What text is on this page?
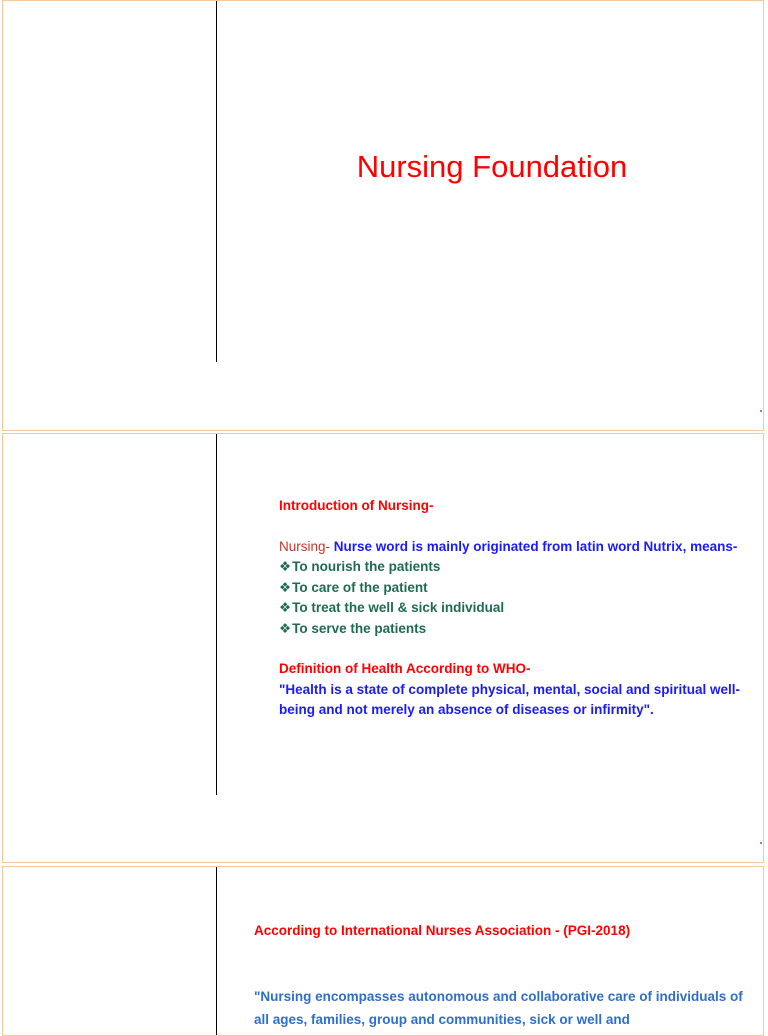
Nursing Foundation
Introduction of Nursing-
Nursing- Nurse word is mainly originated from latin word Nutrix, means-
❖To nourish the patients
❖To care of the patient
❖To treat the well & sick individual
❖To serve the patients
Definition of Health According to WHO-
"Health is a state of complete physical, mental, social and spiritual well-being and not merely an absence of diseases or infirmity".
According to International Nurses Association - (PGI-2018)
"Nursing encompasses autonomous and collaborative care of individuals of all ages, families, group and communities, sick or well and
